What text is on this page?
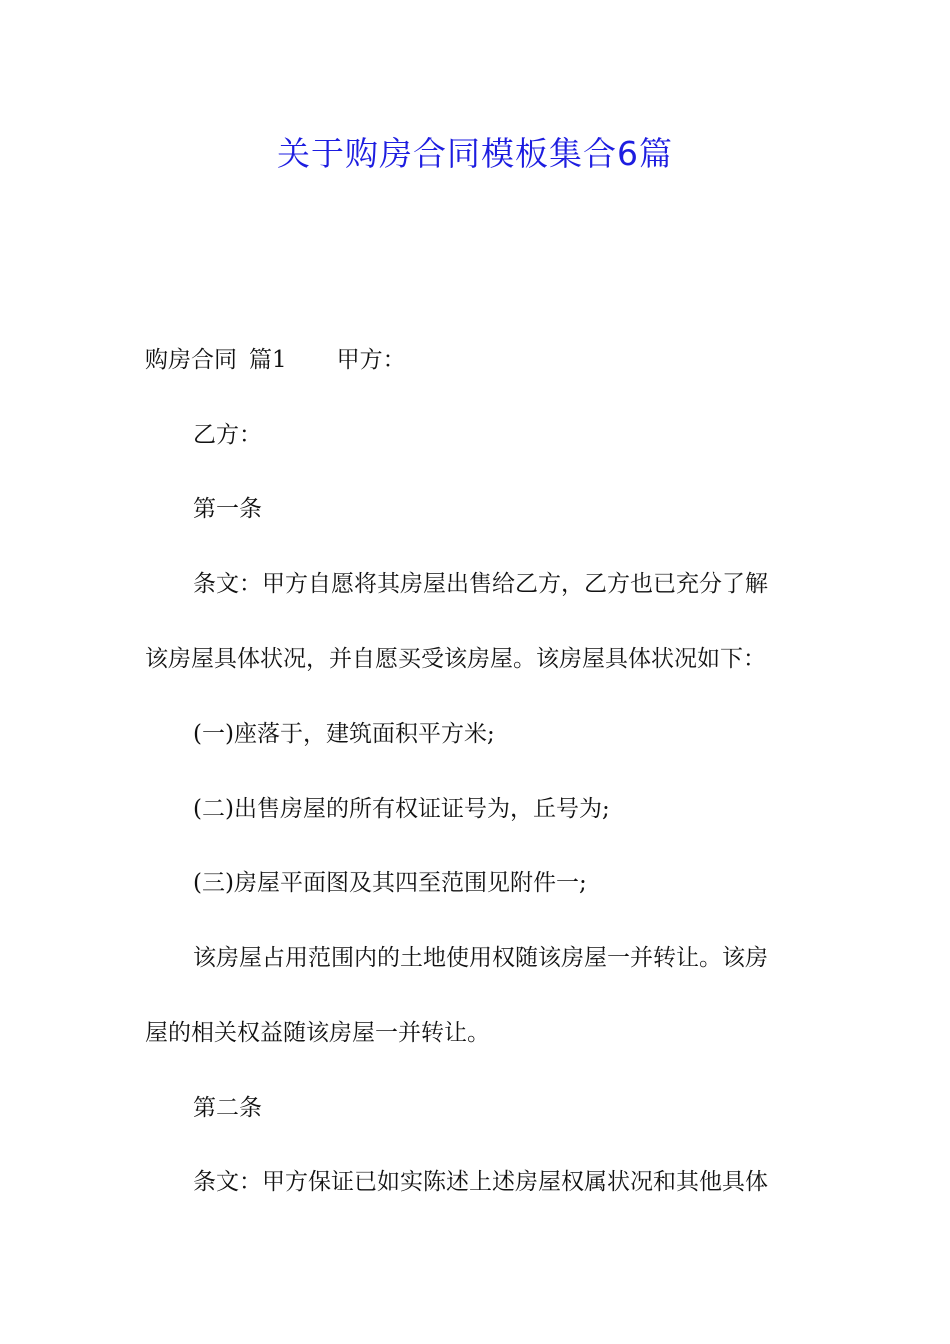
关于购房合同模板集合6篇

购房合同 篇1 甲方：

乙方：

第一条

条文：甲方自愿将其房屋出售给乙方，乙方也已充分了解

该房屋具体状况，并自愿买受该房屋。该房屋具体状况如下：

(一)座落于，建筑面积平方米;

(二)出售房屋的所有权证证号为，丘号为;

(三)房屋平面图及其四至范围见附件一;

该房屋占用范围内的土地使用权随该房屋一并转让。该房

屋的相关权益随该房屋一并转让。

第二条

条文：甲方保证已如实陈述上述房屋权属状况和其他具体
